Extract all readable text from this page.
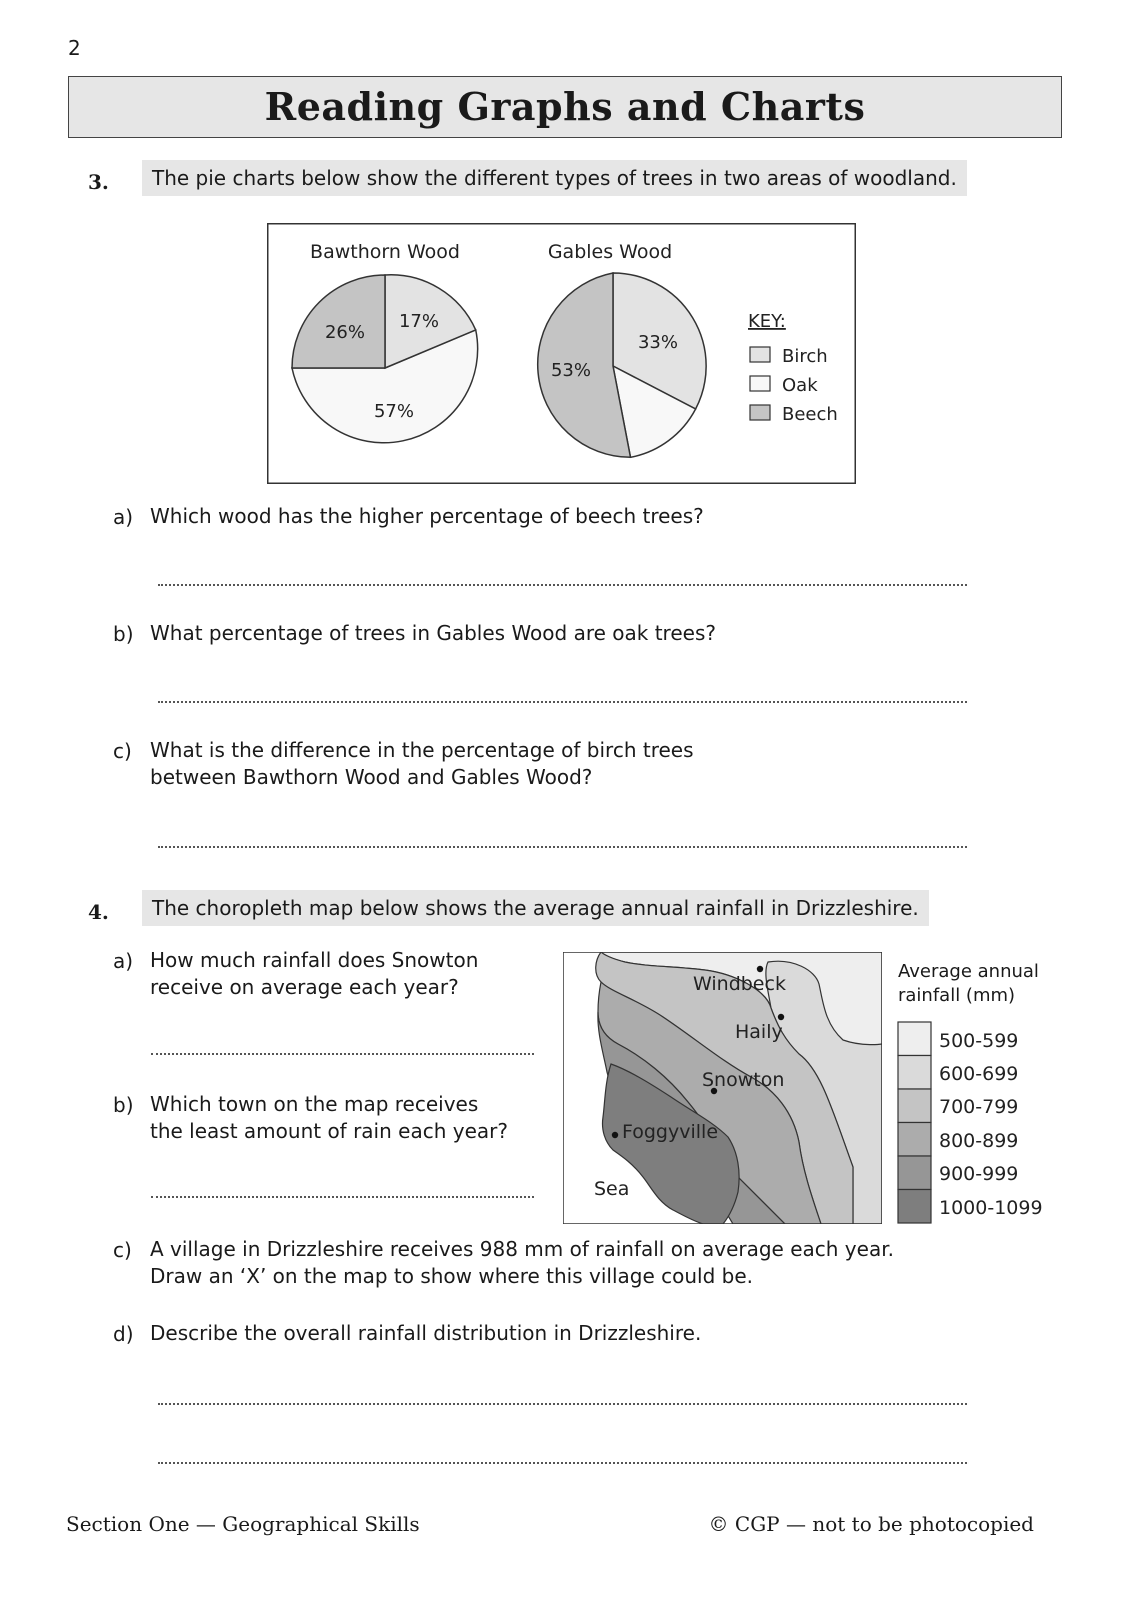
2
Reading Graphs and Charts
3.	The pie charts below show the different types of trees in two areas of woodland.
Bawthorn Wood	Gables Wood
17%
57%
26%	33%
53%
KEY:
Birch
Oak
Beech
a) Which wood has the higher percentage of beech trees?
b) What percentage of trees in Gables Wood are oak trees?
c) What is the difference in the percentage of birch trees
between Bawthorn Wood and Gables Wood?
4.	The choropleth map below shows the average annual rainfall in Drizzleshire.
a) How much rainfall does Snowton
receive on average each year?
b) Which town on the map receives
the least amount of rain each year?
Windbeck
Haily
Snowton
Foggyville
Sea
Average annual
rainfall (mm)
500-599
600-699
700-799
800-899
900-999
1000-1099
c) A village in Drizzleshire receives 988 mm of rainfall on average each year.
Draw an ‘X’ on the map to show where this village could be.
d) Describe the overall rainfall distribution in Drizzleshire.
Section One — Geographical Skills	© CGP — not to be photocopied
